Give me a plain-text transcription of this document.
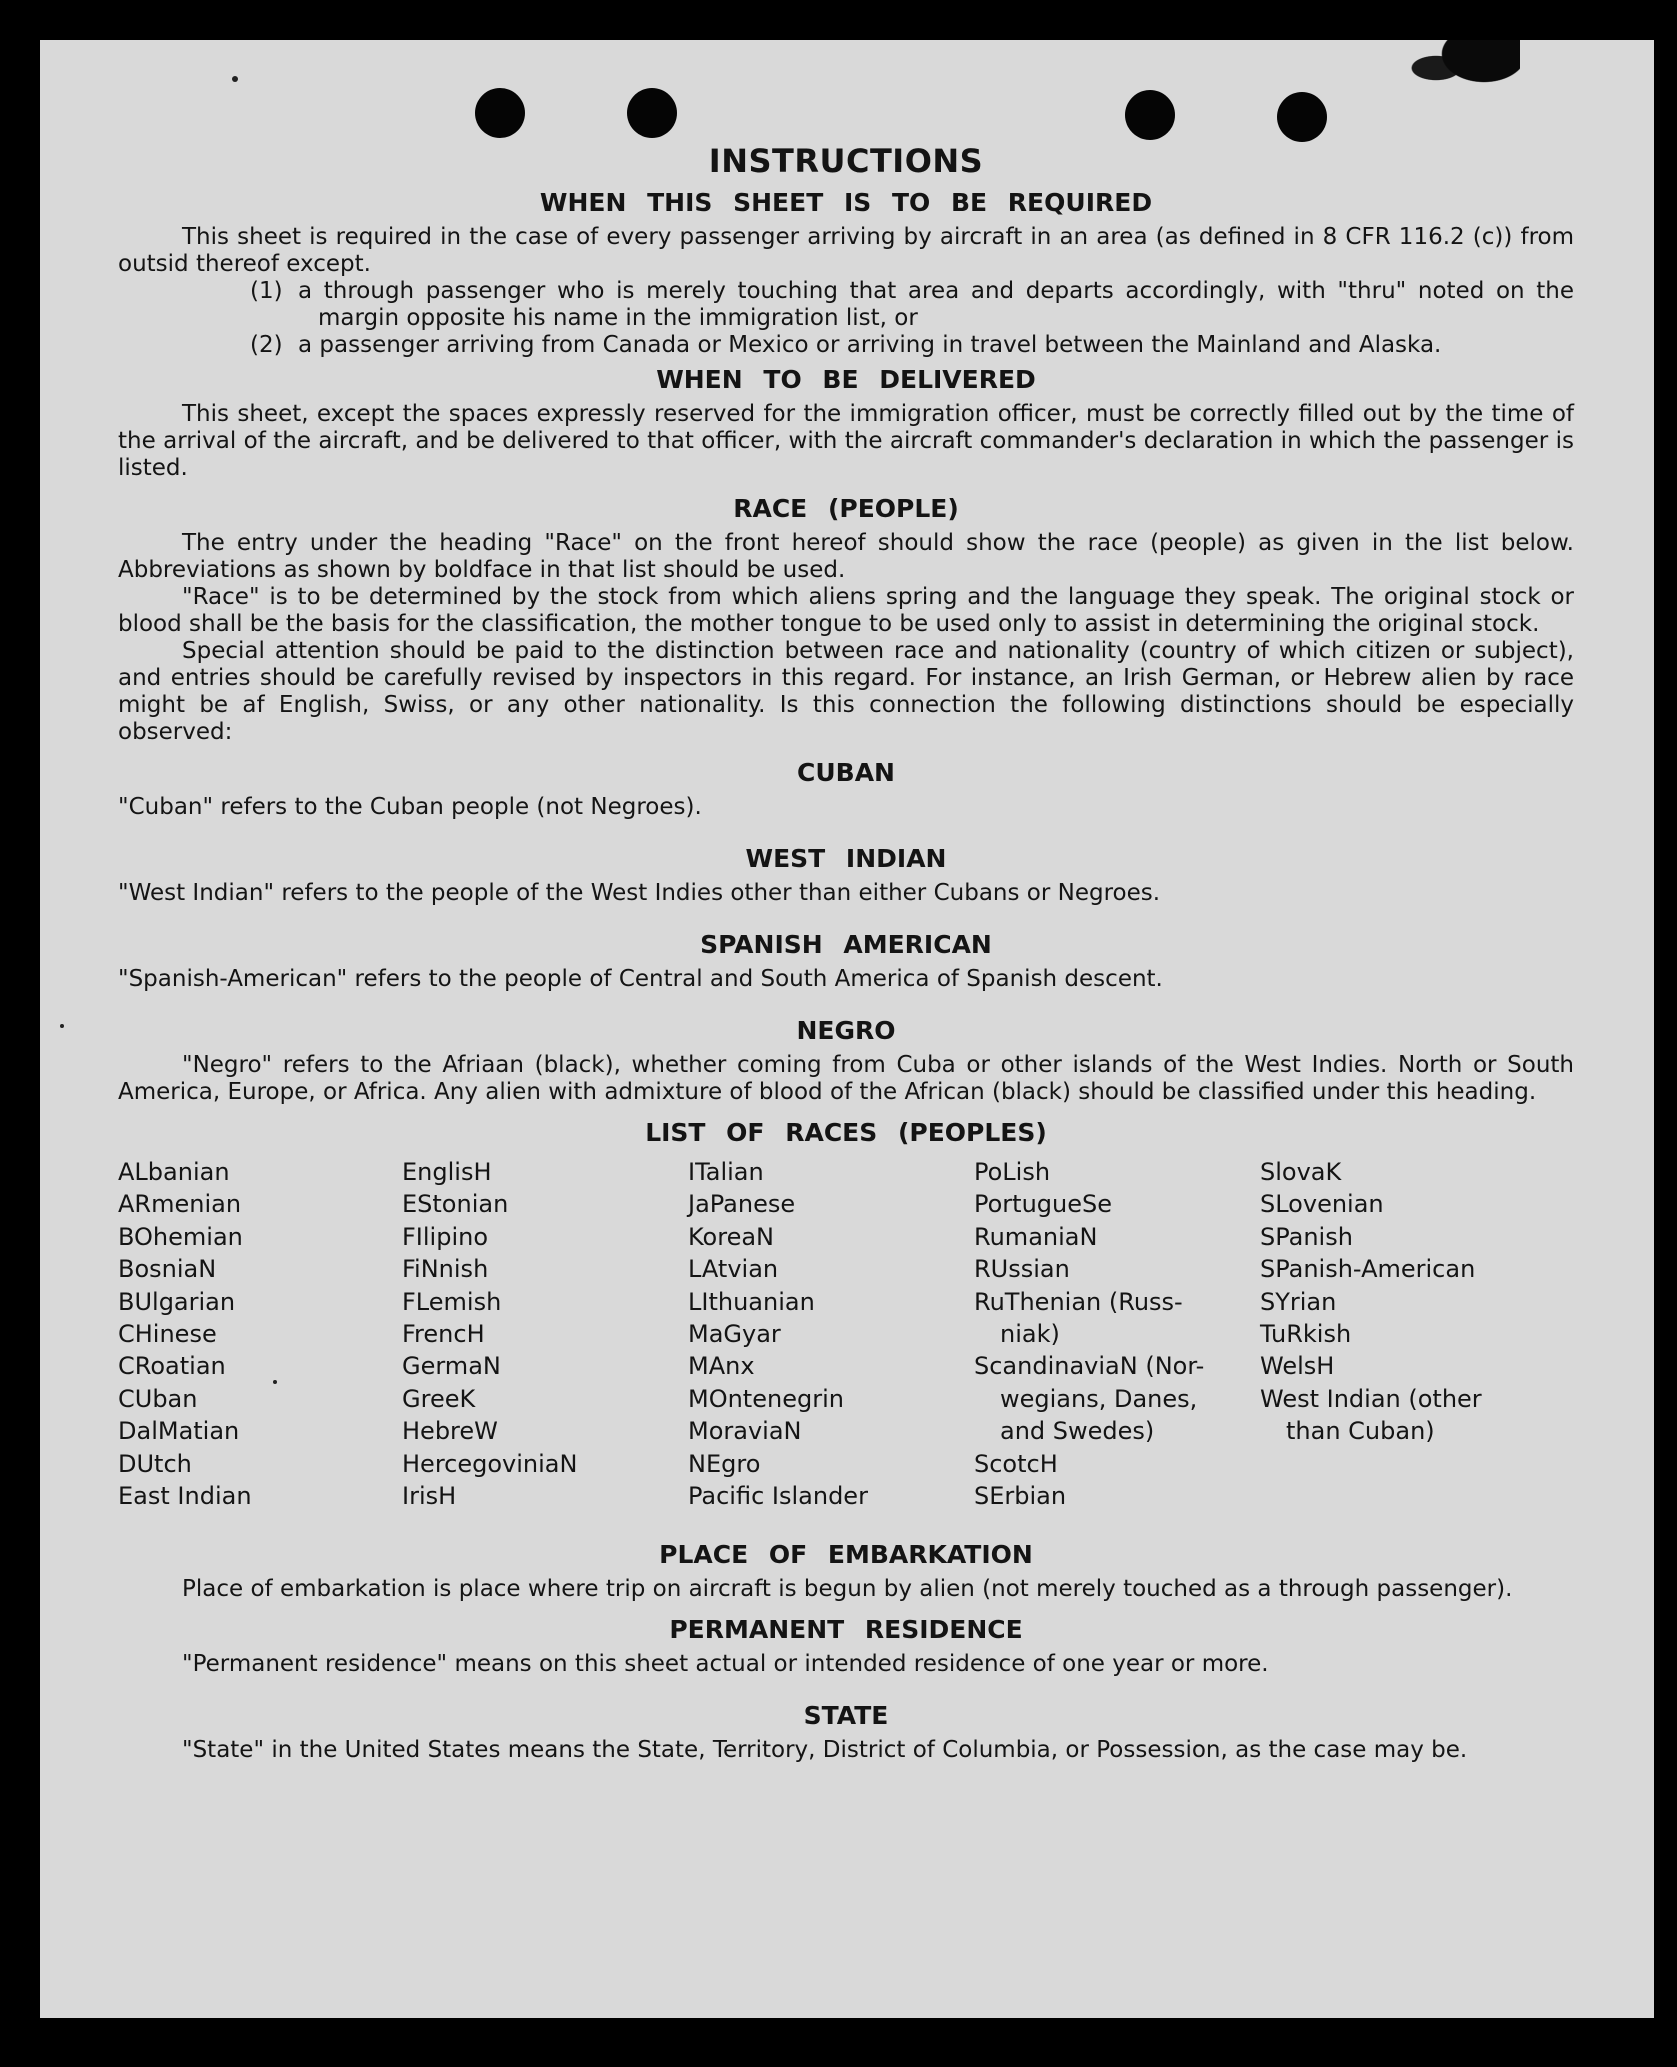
INSTRUCTIONS
WHEN THIS SHEET IS TO BE REQUIRED

This sheet is required in the case of every passenger arriving by aircraft in an area (as defined in 8 CFR 116.2 (c)) from outsid thereof except.

(1) a through passenger who is merely touching that area and departs accordingly, with "thru" noted on the margin opposite his name in the immigration list, or

(2) a passenger arriving from Canada or Mexico or arriving in travel between the Mainland and Alaska.

WHEN TO BE DELIVERED

This sheet, except the spaces expressly reserved for the immigration officer, must be correctly filled out by the time of the arrival of the aircraft, and be delivered to that officer, with the aircraft commander's declaration in which the passenger is listed.

RACE (PEOPLE)

The entry under the heading "Race" on the front hereof should show the race (people) as given in the list below. Abbreviations as shown by boldface in that list should be used.

"Race" is to be determined by the stock from which aliens spring and the language they speak. The original stock or blood shall be the basis for the classification, the mother tongue to be used only to assist in determining the original stock.

Special attention should be paid to the distinction between race and nationality (country of which citizen or subject), and entries should be carefully revised by inspectors in this regard. For instance, an Irish German, or Hebrew alien by race might be af English, Swiss, or any other nationality. Is this connection the following distinctions should be especially observed:

CUBAN

"Cuban" refers to the Cuban people (not Negroes).

WEST INDIAN

"West Indian" refers to the people of the West Indies other than either Cubans or Negroes.

SPANISH AMERICAN

"Spanish-American" refers to the people of Central and South America of Spanish descent.

NEGRO

"Negro" refers to the Afriaan (black), whether coming from Cuba or other islands of the West Indies. North or South America, Europe, or Africa. Any alien with admixture of blood of the African (black) should be classified under this heading.

LIST OF RACES (PEOPLES)
ALbanian
ARmenian
BOhemian
BosniaN
BUlgarian
CHinese
CRoatian
CUban
DalMatian
DUtch
East Indian
EnglisH
EStonian
FIlipino
FiNnish
FLemish
FrencH
GermaN
GreeK
HebreW
HercegoviniaN
IrisH
ITalian
JaPanese
KoreaN
LAtvian
LIthuanian
MaGyar
MAnx
MOntenegrin
MoraviaN
NEgro
Pacific Islander
PoLish
PortugueSe
RumaniaN
RUssian
RuThenian (Russ-
niak)
ScandinaviaN (Nor-
wegians, Danes,
and Swedes)
ScotcH
SErbian
SlovaK
SLovenian
SPanish
SPanish-American
SYrian
TuRkish
WelsH
West Indian (other
than Cuban)
PLACE OF EMBARKATION

Place of embarkation is place where trip on aircraft is begun by alien (not merely touched as a through passenger).

PERMANENT RESIDENCE

"Permanent residence" means on this sheet actual or intended residence of one year or more.

STATE

"State" in the United States means the State, Territory, District of Columbia, or Possession, as the case may be.
